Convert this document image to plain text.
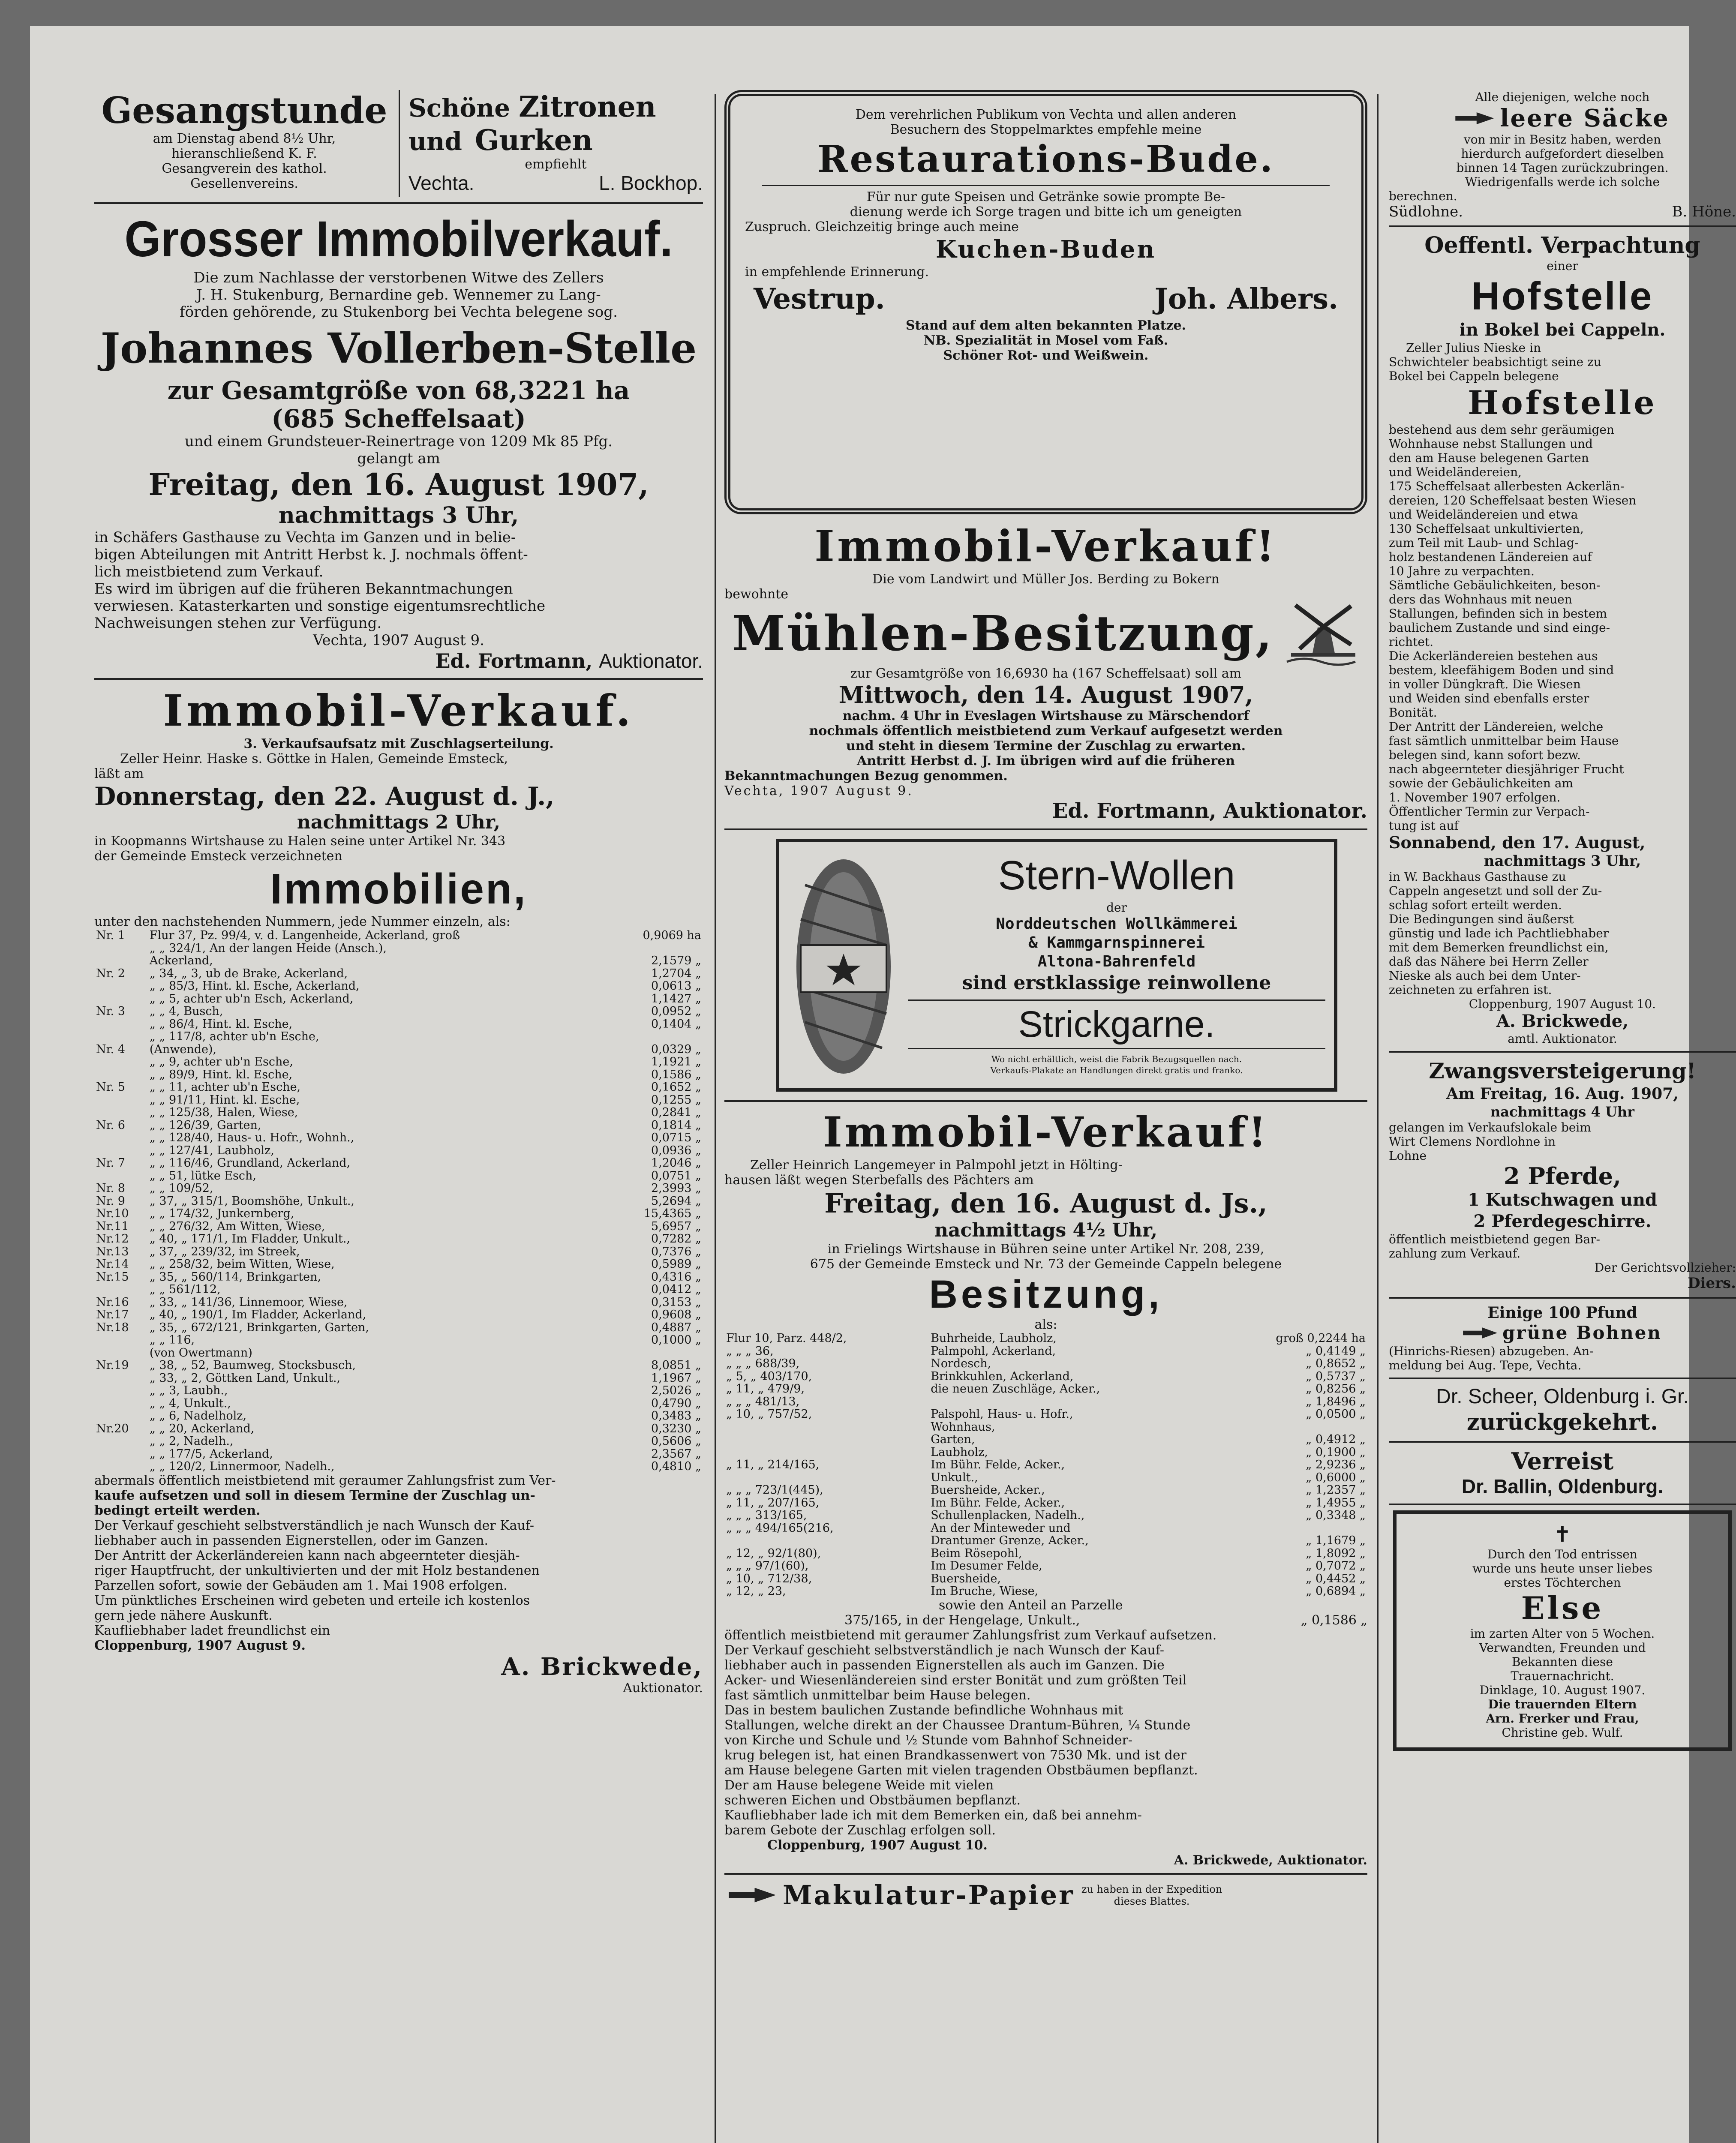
Gesangstunde
am Dienstag abend 8½ Uhr,
hieranschließend K. F.
Gesangverein des kathol.
Gesellenvereins.
Schöne Zitronen
und Gurken
empfiehlt
Vechta.	L. Bockhop.
Grosser Immobilverkauf.
Die zum Nachlasse der verstorbenen Witwe des Zellers
J. H. Stukenburg, Bernardine geb. Wennemer zu Lang-
förden gehörende, zu Stukenborg bei Vechta belegene sog.
Johannes Vollerben-Stelle
zur Gesamtgröße von 68,3221 ha
(685 Scheffelsaat)
und einem Grundsteuer-Reinertrage von 1209 Mk 85 Pfg.
gelangt am
Freitag, den 16. August 1907,
nachmittags 3 Uhr,
in Schäfers Gasthause zu Vechta im Ganzen und in belie-
bigen Abteilungen mit Antritt Herbst k. J. nochmals öffent-
lich meistbietend zum Verkauf.
Es wird im übrigen auf die früheren Bekanntmachungen
verwiesen. Katasterkarten und sonstige eigentumsrechtliche
Nachweisungen stehen zur Verfügung.
Vechta, 1907 August 9.
Ed. Fortmann, Auktionator.
Immobil-Verkauf.
3. Verkaufsaufsatz mit Zuschlagserteilung.
Zeller Heinr. Haske s. Göttke in Halen, Gemeinde Emsteck,
läßt am
Donnerstag, den 22. August d. J.,
nachmittags 2 Uhr,
in Koopmanns Wirtshause zu Halen seine unter Artikel Nr. 343
der Gemeinde Emsteck verzeichneten
Immobilien,
unter den nachstehenden Nummern, jede Nummer einzeln, als:
Nr. 1	Flur 37, Pz. 99/4, v. d. Langenheide, Ackerland, groß	0,9069 ha
	„ „ 324/1, An der langen Heide (Ansch.),	
	Ackerland,	2,1579 „
Nr. 2	„ 34, „ 3, ub de Brake, Ackerland,	1,2704 „
	„ „ 85/3, Hint. kl. Esche, Ackerland,	0,0613 „
	„ „ 5, achter ub'n Esch, Ackerland,	1,1427 „
Nr. 3	„ „ 4, Busch,	0,0952 „
	„ „ 86/4, Hint. kl. Esche,	0,1404 „
	„ „ 117/8, achter ub'n Esche,	
Nr. 4	(Anwende),	0,0329 „
	„ „ 9, achter ub'n Esche,	1,1921 „
	„ „ 89/9, Hint. kl. Esche,	0,1586 „
Nr. 5	„ „ 11, achter ub'n Esche,	0,1652 „
	„ „ 91/11, Hint. kl. Esche,	0,1255 „
	„ „ 125/38, Halen, Wiese,	0,2841 „
Nr. 6	„ „ 126/39, Garten,	0,1814 „
	„ „ 128/40, Haus- u. Hofr., Wohnh.,	0,0715 „
	„ „ 127/41, Laubholz,	0,0936 „
Nr. 7	„ „ 116/46, Grundland, Ackerland,	1,2046 „
	„ „ 51, lütke Esch,	0,0751 „
Nr. 8	„ „ 109/52,	2,3993 „
Nr. 9	„ 37, „ 315/1, Boomshöhe, Unkult.,	5,2694 „
Nr.10	„ „ 174/32, Junkernberg,	15,4365 „
Nr.11	„ „ 276/32, Am Witten, Wiese,	5,6957 „
Nr.12	„ 40, „ 171/1, Im Fladder, Unkult.,	0,7282 „
Nr.13	„ 37, „ 239/32, im Streek,	0,7376 „
Nr.14	„ „ 258/32, beim Witten, Wiese,	0,5989 „
Nr.15	„ 35, „ 560/114, Brinkgarten,	0,4316 „
	„ „ 561/112,	0,0412 „
Nr.16	„ 33, „ 141/36, Linnemoor, Wiese,	0,3153 „
Nr.17	„ 40, „ 190/1, Im Fladder, Ackerland,	0,9608 „
Nr.18	„ 35, „ 672/121, Brinkgarten, Garten,	0,4887 „
	„ „ 116,	0,1000 „
	(von Owertmann)	
Nr.19	„ 38, „ 52, Baumweg, Stocksbusch,	8,0851 „
	„ 33, „ 2, Göttken Land, Unkult.,	1,1967 „
	„ „ 3, Laubh.,	2,5026 „
	„ „ 4, Unkult.,	0,4790 „
	„ „ 6, Nadelholz,	0,3483 „
Nr.20	„ „ 20, Ackerland,	0,3230 „
	„ „ 2, Nadelh.,	0,5606 „
	„ „ 177/5, Ackerland,	2,3567 „
	„ „ 120/2, Linnermoor, Nadelh.,	0,4810 „
abermals öffentlich meistbietend mit geraumer Zahlungsfrist zum Ver-
kaufe aufsetzen und soll in diesem Termine der Zuschlag un-
bedingt erteilt werden.
Der Verkauf geschieht selbstverständlich je nach Wunsch der Kauf-
liebhaber auch in passenden Eignerstellen, oder im Ganzen.
Der Antritt der Ackerländereien kann nach abgeernteter diesjäh-
riger Hauptfrucht, der unkultivierten und der mit Holz bestandenen
Parzellen sofort, sowie der Gebäuden am 1. Mai 1908 erfolgen.
Um pünktliches Erscheinen wird gebeten und erteile ich kostenlos
gern jede nähere Auskunft.
Kaufliebhaber ladet freundlichst ein
Cloppenburg, 1907 August 9.
A. Brickwede,
Auktionator.
Dem verehrlichen Publikum von Vechta und allen anderen
Besuchern des Stoppelmarktes empfehle meine
Restaurations-Bude.
Für nur gute Speisen und Getränke sowie prompte Be-
dienung werde ich Sorge tragen und bitte ich um geneigten
Zuspruch. Gleichzeitig bringe auch meine
Kuchen-Buden
in empfehlende Erinnerung.
Vestrup.	Joh. Albers.
Stand auf dem alten bekannten Platze.
NB. Spezialität in Mosel vom Faß.
Schöner Rot- und Weißwein.
Immobil-Verkauf!
Die vom Landwirt und Müller Jos. Berding zu Bokern
bewohnte
Mühlen-Besitzung,
zur Gesamtgröße von 16,6930 ha (167 Scheffelsaat) soll am
Mittwoch, den 14. August 1907,
nachm. 4 Uhr in Eveslagen Wirtshause zu Märschendorf
nochmals öffentlich meistbietend zum Verkauf aufgesetzt werden
und steht in diesem Termine der Zuschlag zu erwarten.
Antritt Herbst d. J. Im übrigen wird auf die früheren
Bekanntmachungen Bezug genommen.
Vechta, 1907 August 9.
Ed. Fortmann, Auktionator.
Stern-Wollen
der
Norddeutschen Wollkämmerei
& Kammgarnspinnerei
Altona-Bahrenfeld
sind erstklassige reinwollene
Strickgarne.
Wo nicht erhältlich, weist die Fabrik Bezugsquellen nach.
Verkaufs-Plakate an Handlungen direkt gratis und franko.
Immobil-Verkauf!
Zeller Heinrich Langemeyer in Palmpohl jetzt in Hölting-
hausen läßt wegen Sterbefalls des Pächters am
Freitag, den 16. August d. Js.,
nachmittags 4½ Uhr,
in Frielings Wirtshause in Bühren seine unter Artikel Nr. 208, 239,
675 der Gemeinde Emsteck und Nr. 73 der Gemeinde Cappeln belegene
Besitzung,
als:
Flur 10, Parz. 448/2,	Buhrheide, Laubholz,	groß 0,2244 ha
„ „ „ 36,	Palmpohl, Ackerland,	„ 0,4149 „
„ „ „ 688/39,	Nordesch,	„ 0,8652 „
„ 5, „ 403/170,	Brinkkuhlen, Ackerland,	„ 0,5737 „
„ 11, „ 479/9,	die neuen Zuschläge, Acker.,	„ 0,8256 „
„ „ „ 481/13,		„ 1,8496 „
„ 10, „ 757/52,	Palspohl, Haus- u. Hofr.,	„ 0,0500 „
	Wohnhaus,	
	Garten,	„ 0,4912 „
	Laubholz,	„ 0,1900 „
„ 11, „ 214/165,	Im Bühr. Felde, Acker.,	„ 2,9236 „
	Unkult.,	„ 0,6000 „
„ „ „ 723/1(445),	Buersheide, Acker.,	„ 1,2357 „
„ 11, „ 207/165,	Im Bühr. Felde, Acker.,	„ 1,4955 „
„ „ „ 313/165,	Schullenplacken, Nadelh.,	„ 0,3348 „
„ „ „ 494/165(216,	An der Minteweder und	
	Drantumer Grenze, Acker.,	„ 1,1679 „
„ 12, „ 92/1(80),	Beim Rösepohl,	„ 1,8092 „
„ „ „ 97/1(60),	Im Desumer Felde,	„ 0,7072 „
„ 10, „ 712/38,	Buersheide,	„ 0,4452 „
„ 12, „ 23,	Im Bruche, Wiese,	„ 0,6894 „
sowie den Anteil an Parzelle
375/165, in der Hengelage, Unkult.,	„ 0,1586 „
öffentlich meistbietend mit geraumer Zahlungsfrist zum Verkauf aufsetzen.
Der Verkauf geschieht selbstverständlich je nach Wunsch der Kauf-
liebhaber auch in passenden Eignerstellen als auch im Ganzen. Die
Acker- und Wiesenländereien sind erster Bonität und zum größten Teil
fast sämtlich unmittelbar beim Hause belegen.
Das in bestem baulichen Zustande befindliche Wohnhaus mit
Stallungen, welche direkt an der Chaussee Drantum-Bühren, ¼ Stunde
von Kirche und Schule und ½ Stunde vom Bahnhof Schneider-
krug belegen ist, hat einen Brandkassenwert von 7530 Mk. und ist der
am Hause belegene Garten mit vielen tragenden Obstbäumen bepflanzt.
Der am Hause belegene Weide mit vielen
schweren Eichen und Obstbäumen bepflanzt.
Kaufliebhaber lade ich mit dem Bemerken ein, daß bei annehm-
barem Gebote der Zuschlag erfolgen soll.
Cloppenburg, 1907 August 10.
A. Brickwede, Auktionator.
Makulatur-Papier zu haben in der Expedition
dieses Blattes.
Alle diejenigen, welche noch
leere Säcke
von mir in Besitz haben, werden
hierdurch aufgefordert dieselben
binnen 14 Tagen zurückzubringen.
Wiedrigenfalls werde ich solche
berechnen.
Südlohne.	B. Höne.
Oeffentl. Verpachtung
einer
Hofstelle
in Bokel bei Cappeln.
Zeller Julius Nieske in
Schwichteler beabsichtigt seine zu
Bokel bei Cappeln belegene
Hofstelle
bestehend aus dem sehr geräumigen
Wohnhause nebst Stallungen und
den am Hause belegenen Garten
und Weideländereien,
175 Scheffelsaat allerbesten Ackerlän-
dereien, 120 Scheffelsaat besten Wiesen
und Weideländereien und etwa
130 Scheffelsaat unkultivierten,
zum Teil mit Laub- und Schlag-
holz bestandenen Ländereien auf
10 Jahre zu verpachten.
Sämtliche Gebäulichkeiten, beson-
ders das Wohnhaus mit neuen
Stallungen, befinden sich in bestem
baulichem Zustande und sind einge-
richtet.
Die Ackerländereien bestehen aus
bestem, kleefähigem Boden und sind
in voller Düngkraft. Die Wiesen
und Weiden sind ebenfalls erster
Bonität.
Der Antritt der Ländereien, welche
fast sämtlich unmittelbar beim Hause
belegen sind, kann sofort bezw.
nach abgeernteter diesjähriger Frucht
sowie der Gebäulichkeiten am
1. November 1907 erfolgen.
Öffentlicher Termin zur Verpach-
tung ist auf
Sonnabend, den 17. August,
nachmittags 3 Uhr,
in W. Backhaus Gasthause zu
Cappeln angesetzt und soll der Zu-
schlag sofort erteilt werden.
Die Bedingungen sind äußerst
günstig und lade ich Pachtliebhaber
mit dem Bemerken freundlichst ein,
daß das Nähere bei Herrn Zeller
Nieske als auch bei dem Unter-
zeichneten zu erfahren ist.
Cloppenburg, 1907 August 10.
A. Brickwede,
amtl. Auktionator.
Zwangsversteigerung!
Am Freitag, 16. Aug. 1907,
nachmittags 4 Uhr
gelangen im Verkaufslokale beim
Wirt Clemens Nordlohne in
Lohne
2 Pferde,
1 Kutschwagen und
2 Pferdegeschirre.
öffentlich meistbietend gegen Bar-
zahlung zum Verkauf.
Der Gerichtsvollzieher:
Diers.
Einige 100 Pfund
grüne Bohnen
(Hinrichs-Riesen) abzugeben. An-
meldung bei Aug. Tepe, Vechta.
Dr. Scheer, Oldenburg i. Gr.
zurückgekehrt.
Verreist
Dr. Ballin, Oldenburg.
✝
Durch den Tod entrissen
wurde uns heute unser liebes
erstes Töchterchen
Else
im zarten Alter von 5 Wochen.
Verwandten, Freunden und
Bekannten diese
Trauernachricht.
Dinklage, 10. August 1907.
Die trauernden Eltern
Arn. Frerker und Frau,
Christine geb. Wulf.
